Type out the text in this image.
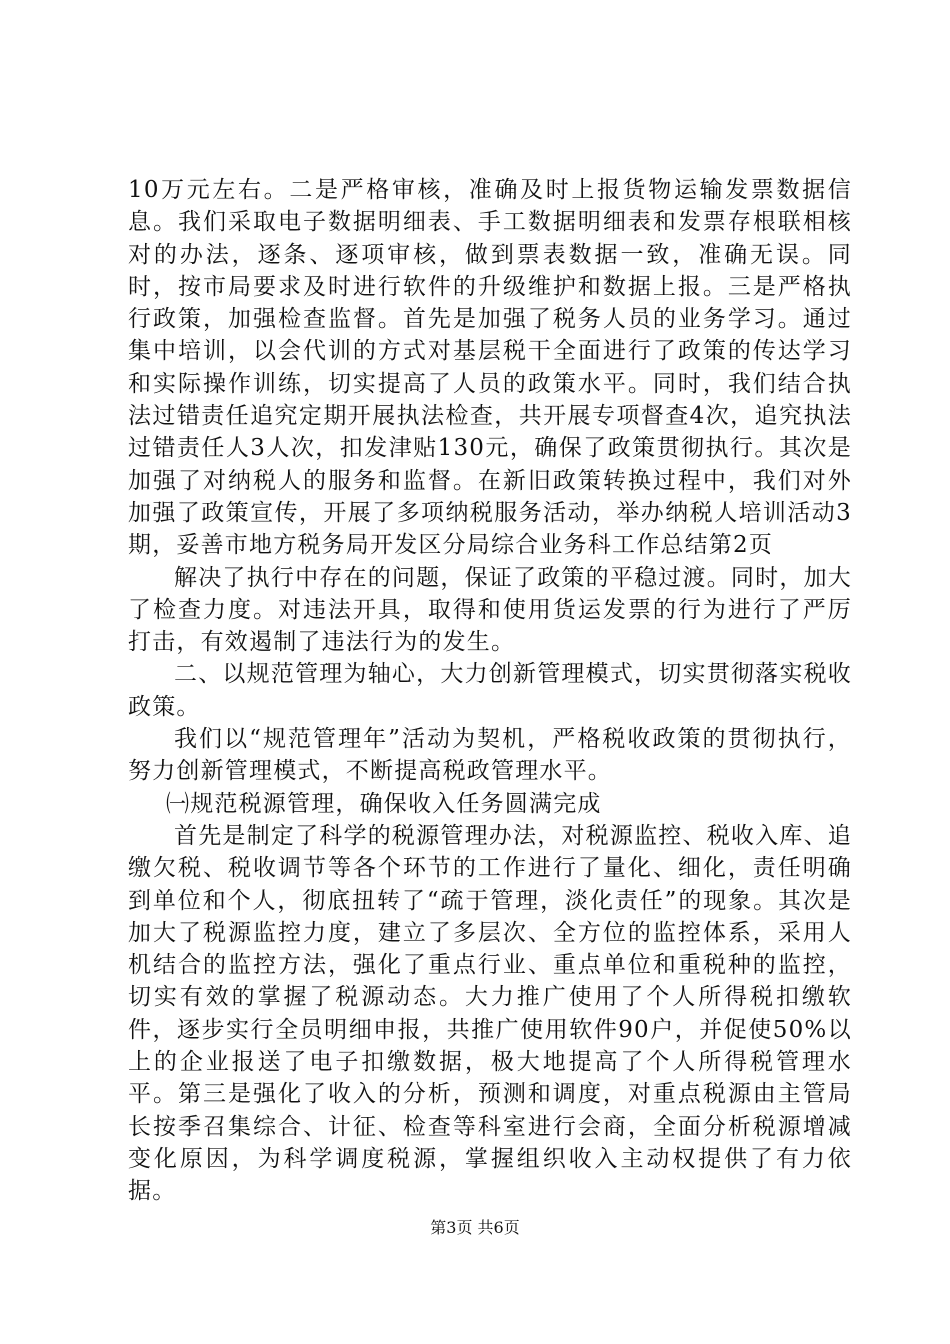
10万元左右。二是严格审核，准确及时上报货物运输发票数据信息。我们采取电子数据明细表、手工数据明细表和发票存根联相核对的办法，逐条、逐项审核，做到票表数据一致，准确无误。同时，按市局要求及时进行软件的升级维护和数据上报。三是严格执行政策，加强检查监督。首先是加强了税务人员的业务学习。通过集中培训，以会代训的方式对基层税干全面进行了政策的传达学习和实际操作训练，切实提高了人员的政策水平。同时，我们结合执法过错责任追究定期开展执法检查，共开展专项督查4次，追究执法过错责任人3人次，扣发津贴130元，确保了政策贯彻执行。其次是加强了对纳税人的服务和监督。在新旧政策转换过程中，我们对外加强了政策宣传，开展了多项纳税服务活动，举办纳税人培训活动3期，妥善市地方税务局开发区分局综合业务科工作总结第2页

解决了执行中存在的问题，保证了政策的平稳过渡。同时，加大了检查力度。对违法开具，取得和使用货运发票的行为进行了严厉打击，有效遏制了违法行为的发生。

二、以规范管理为轴心，大力创新管理模式，切实贯彻落实税收政策。

我们以“规范管理年”活动为契机，严格税收政策的贯彻执行，努力创新管理模式，不断提高税政管理水平。

㈠规范税源管理，确保收入任务圆满完成

首先是制定了科学的税源管理办法，对税源监控、税收入库、追缴欠税、税收调节等各个环节的工作进行了量化、细化，责任明确到单位和个人，彻底扭转了“疏于管理，淡化责任”的现象。其次是加大了税源监控力度，建立了多层次、全方位的监控体系，采用人机结合的监控方法，强化了重点行业、重点单位和重税种的监控，切实有效的掌握了税源动态。大力推广使用了个人所得税扣缴软件，逐步实行全员明细申报，共推广使用软件90户，并促使50%以上的企业报送了电子扣缴数据，极大地提高了个人所得税管理水平。第三是强化了收入的分析，预测和调度，对重点税源由主管局长按季召集综合、计征、检查等科室进行会商，全面分析税源增减变化原因，为科学调度税源，掌握组织收入主动权提供了有力依据。

第3页 共6页
